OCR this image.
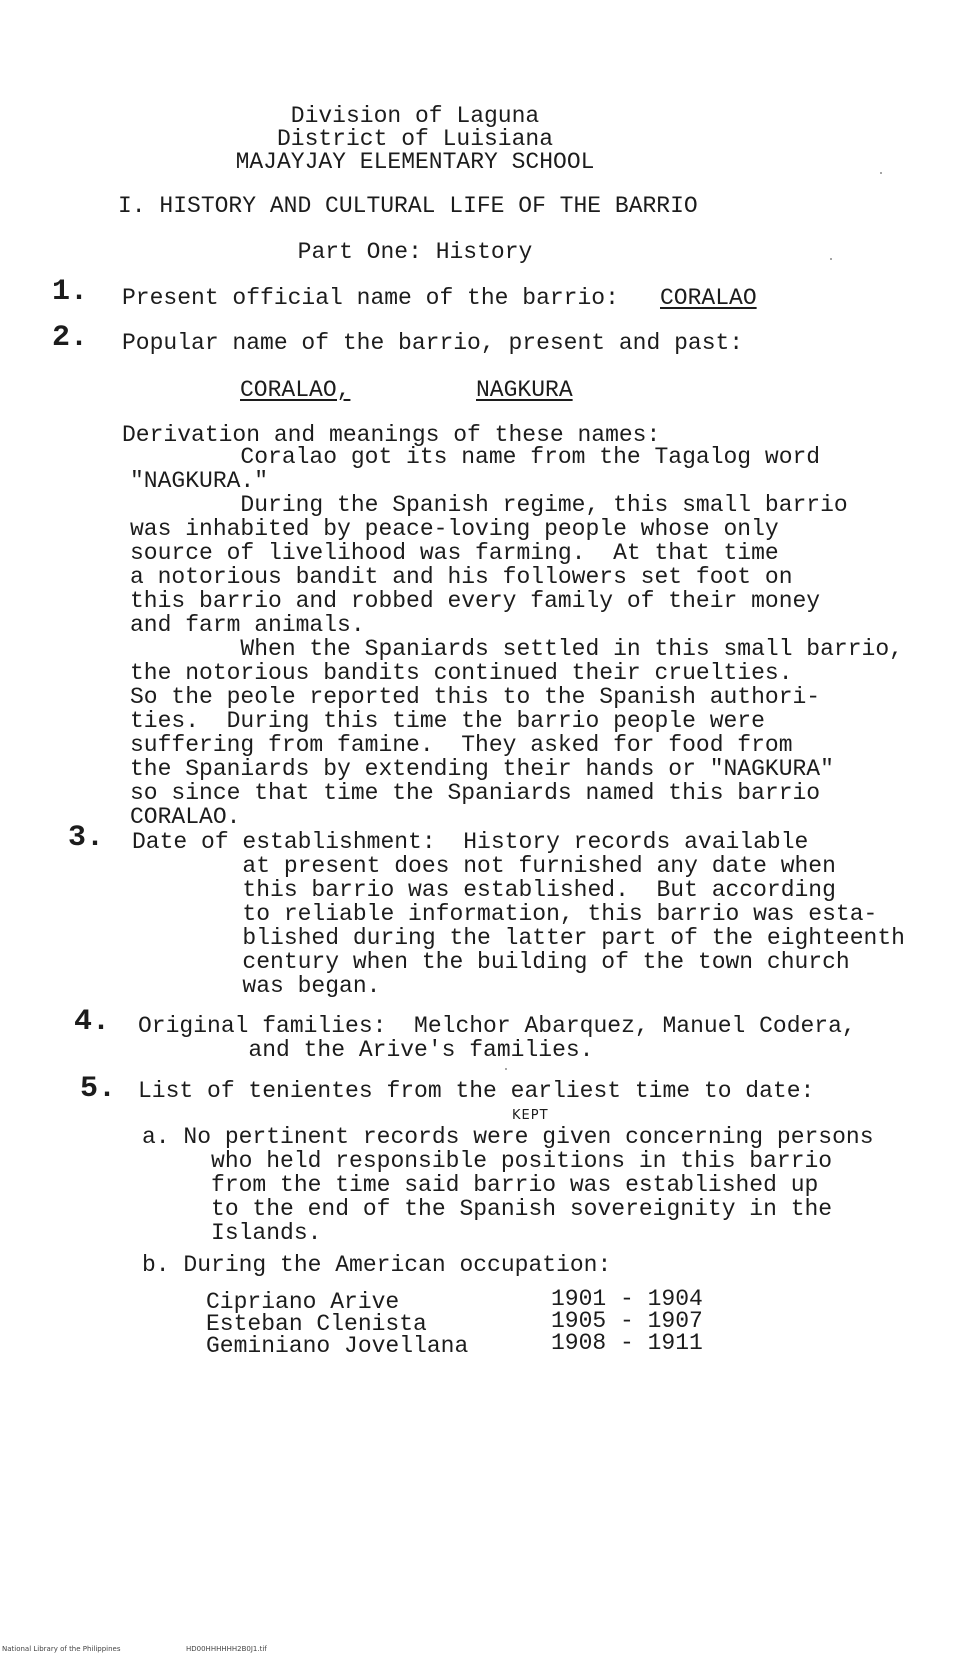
Division of Laguna
District of Luisiana
MAJAYJAY ELEMENTARY SCHOOL
I. HISTORY AND CULTURAL LIFE OF THE BARRIO
Part One: History
1. Present official name of the barrio: CORALAO
2. Popular name of the barrio, present and past:
CORALAO,	NAGKURA
Derivation and meanings of these names:
Coralao got its name from the Tagalog word
"NAGKURA."
During the Spanish regime, this small barrio
was inhabited by peace-loving people whose only
source of livelihood was farming.  At that time
a notorious bandit and his followers set foot on
this barrio and robbed every family of their money
and farm animals.
When the Spaniards settled in this small barrio,
the notorious bandits continued their cruelties.
So the peole reported this to the Spanish authori-
ties.  During this time the barrio people were
suffering from famine.  They asked for food from
the Spaniards by extending their hands or "NAGKURA"
so since that time the Spaniards named this barrio
CORALAO.
3. Date of establishment:  History records available
at present does not furnished any date when
this barrio was established.  But according
to reliable information, this barrio was esta-
blished during the latter part of the eighteenth
century when the building of the town church
was began.
4. Original families:  Melchor Abarquez, Manuel Codera,
and the Arive's families.
5. List of tenientes from the earliest time to date:
KEPT
a. No pertinent records were given concerning persons
who held responsible positions in this barrio
from the time said barrio was established up
to the end of the Spanish sovereignity in the
Islands.
b. During the American occupation:
Cipriano Arive	1901 - 1904
Esteban Clenista	1905 - 1907
Geminiano Jovellana	1908 - 1911
National Library of the Philippines	HD00HHHHHH2B0J1.tif
